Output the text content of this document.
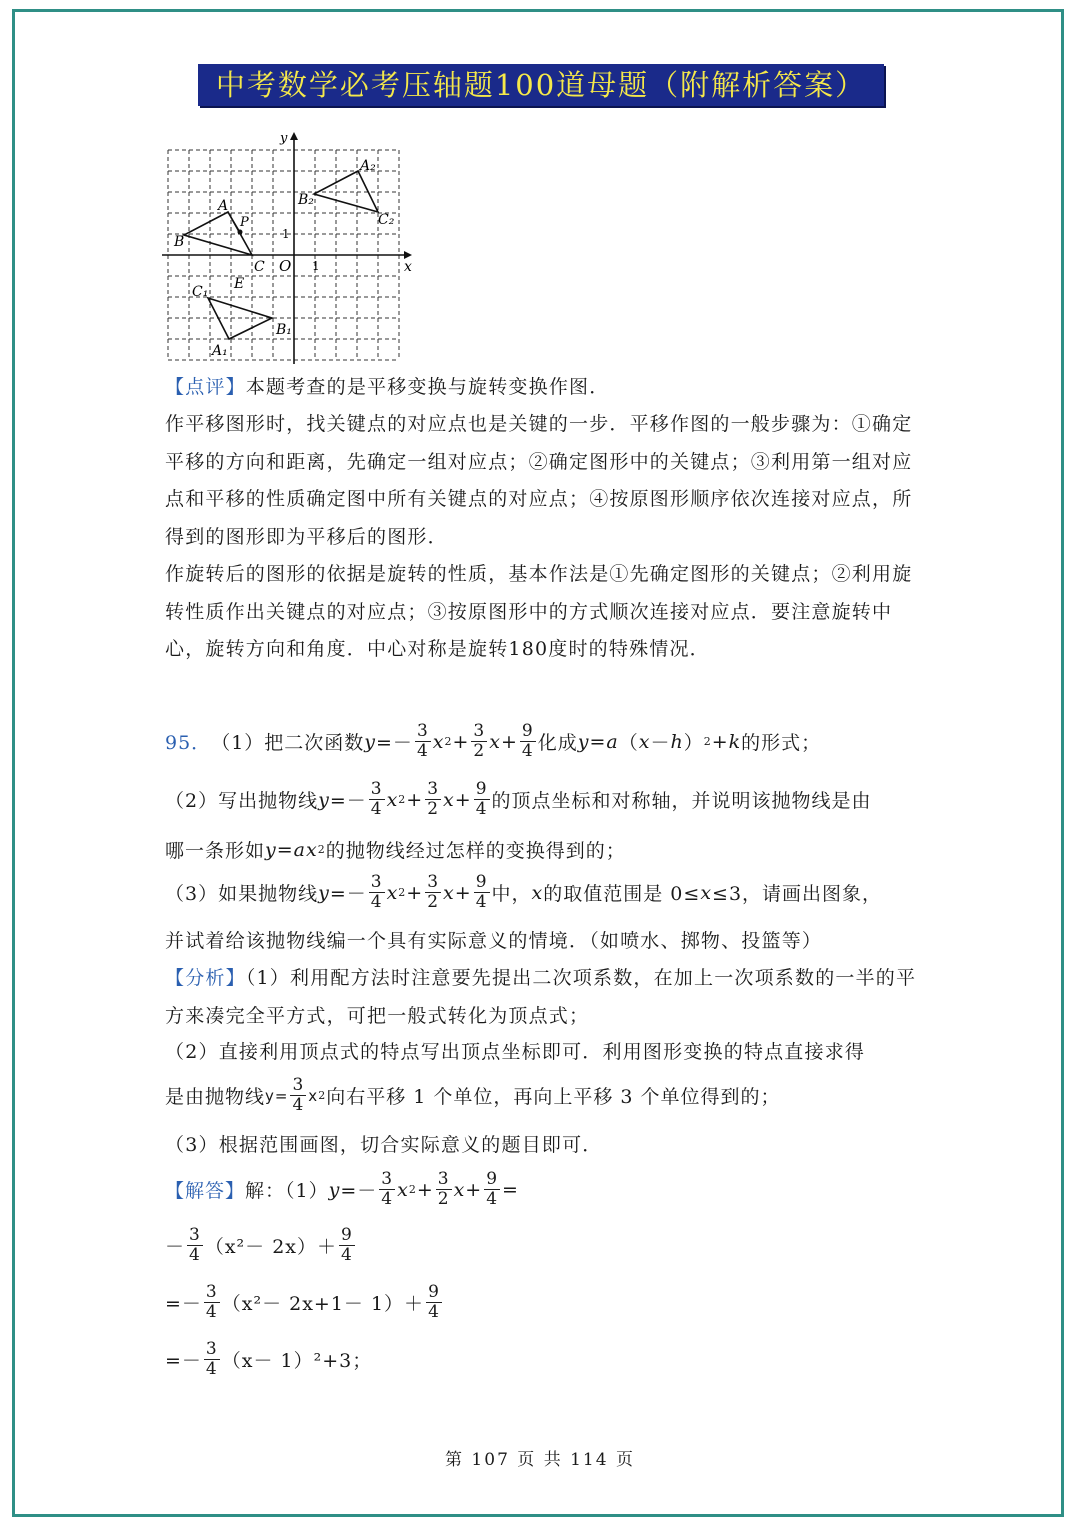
中考数学必考压轴题100道母题（附解析答案）
y
x
O
1
1
A
B
C
P
E
C₁
B₁
A₁
A₂
B₂
C₂
【点评】本题考查的是平移变换与旋转变换作图．
作平移图形时，找关键点的对应点也是关键的一步．平移作图的一般步骤为：①确定平移的方向和距离，先确定一组对应点；②确定图形中的关键点；③利用第一组对应点和平移的性质确定图中所有关键点的对应点；④按原图形顺序依次连接对应点，所得到的图形即为平移后的图形．
作旋转后的图形的依据是旋转的性质，基本作法是①先确定图形的关键点；②利用旋转性质作出关键点的对应点；③按原图形中的方式顺次连接对应点．要注意旋转中心，旋转方向和角度．中心对称是旋转180度时的特殊情况．
95． （1）把二次函数 $y =- \frac{3}{4}$ x $2 + \frac{3}{2}$ $x + \frac{9}{4}$ 化成 y = a （ x － h ） 2 + k 的形式；
（2）写出抛物线 $y =- \frac{3}{4}$ x $2 + \frac{3}{2}$ $x + \frac{9}{4}$ 的顶点坐标和对称轴，并说明该抛物线是由
哪一条形如 y = ax 2 的抛物线经过怎样的变换得到的；
（3）如果抛物线 $y =- \frac{3}{4}$ x $2 + \frac{3}{2}$ $x + \frac{9}{4}$ 中， x 的取值范围是 0≤ x ≤3，请画出图象，
并试着给该抛物线编一个具有实际意义的情境．（如喷水、掷物、投篮等）
【分析】（1）利用配方法时注意要先提出二次项系数，在加上一次项系数的一半的平方来凑完全平方式，可把一般式转化为顶点式；
（2）直接利用顶点式的特点写出顶点坐标即可．利用图形变换的特点直接求得
是由抛物线 $y= \frac{3}{4}$ x 2 向右平移 1 个单位，再向上平移 3 个单位得到的；
（3）根据范围画图，切合实际意义的题目即可．
【解答】 解：（1） $y =- \frac{3}{4}$ x $2 + \frac{3}{2}$ $x + \frac{9}{4}$ =
－ $\frac{3}{4} (x^2- 2x)+ \frac{9}{4}$
=－ $\frac{3}{4} (x^2- 2x+1- 1)+ \frac{9}{4}$
=－ $\frac{3}{4} (x- 1)^2+3$；
第 107 页 共 114 页
